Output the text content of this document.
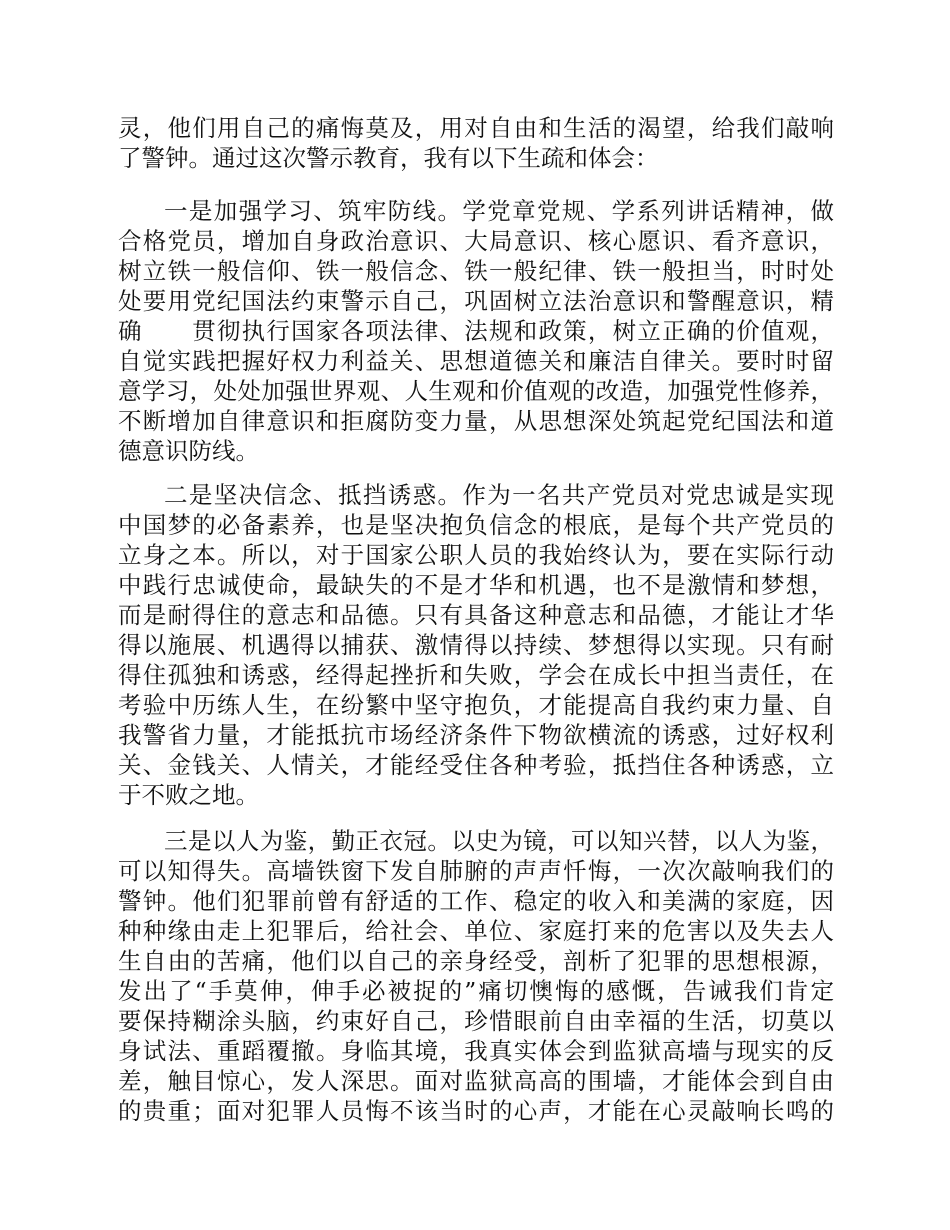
灵，他们用自己的痛悔莫及，用对自由和生活的渴望，给我们敲响
了警钟。通过这次警示教育，我有以下生疏和体会：
一是加强学习、筑牢防线。学党章党规、学系列讲话精神，做
合格党员，增加自身政治意识、大局意识、核心愿识、看齐意识，
树立铁一般信仰、铁一般信念、铁一般纪律、铁一般担当，时时处
处要用党纪国法约束警示自己，巩固树立法治意识和警醒意识，精
确　　贯彻执行国家各项法律、法规和政策，树立正确的价值观，
自觉实践把握好权力利益关、思想道德关和廉洁自律关。要时时留
意学习，处处加强世界观、人生观和价值观的改造，加强党性修养，
不断增加自律意识和拒腐防变力量，从思想深处筑起党纪国法和道
德意识防线。
二是坚决信念、抵挡诱惑。作为一名共产党员对党忠诚是实现
中国梦的必备素养，也是坚决抱负信念的根底，是每个共产党员的
立身之本。所以，对于国家公职人员的我始终认为，要在实际行动
中践行忠诚使命，最缺失的不是才华和机遇，也不是激情和梦想，
而是耐得住的意志和品德。只有具备这种意志和品德，才能让才华
得以施展、机遇得以捕获、激情得以持续、梦想得以实现。只有耐
得住孤独和诱惑，经得起挫折和失败，学会在成长中担当责任，在
考验中历练人生，在纷繁中坚守抱负，才能提高自我约束力量、自
我警省力量，才能抵抗市场经济条件下物欲横流的诱惑，过好权利
关、金钱关、人情关，才能经受住各种考验，抵挡住各种诱惑，立
于不败之地。
三是以人为鉴，勤正衣冠。以史为镜，可以知兴替，以人为鉴，
可以知得失。高墙铁窗下发自肺腑的声声忏悔，一次次敲响我们的
警钟。他们犯罪前曾有舒适的工作、稳定的收入和美满的家庭，因
种种缘由走上犯罪后，给社会、单位、家庭打来的危害以及失去人
生自由的苦痛，他们以自己的亲身经受，剖析了犯罪的思想根源，
发出了“手莫伸，伸手必被捉的”痛切懊悔的感慨，告诫我们肯定
要保持糊涂头脑，约束好自己，珍惜眼前自由幸福的生活，切莫以
身试法、重蹈覆撤。身临其境，我真实体会到监狱高墙与现实的反
差，触目惊心，发人深思。面对监狱高高的围墙，才能体会到自由
的贵重；面对犯罪人员悔不该当时的心声，才能在心灵敲响长鸣的
